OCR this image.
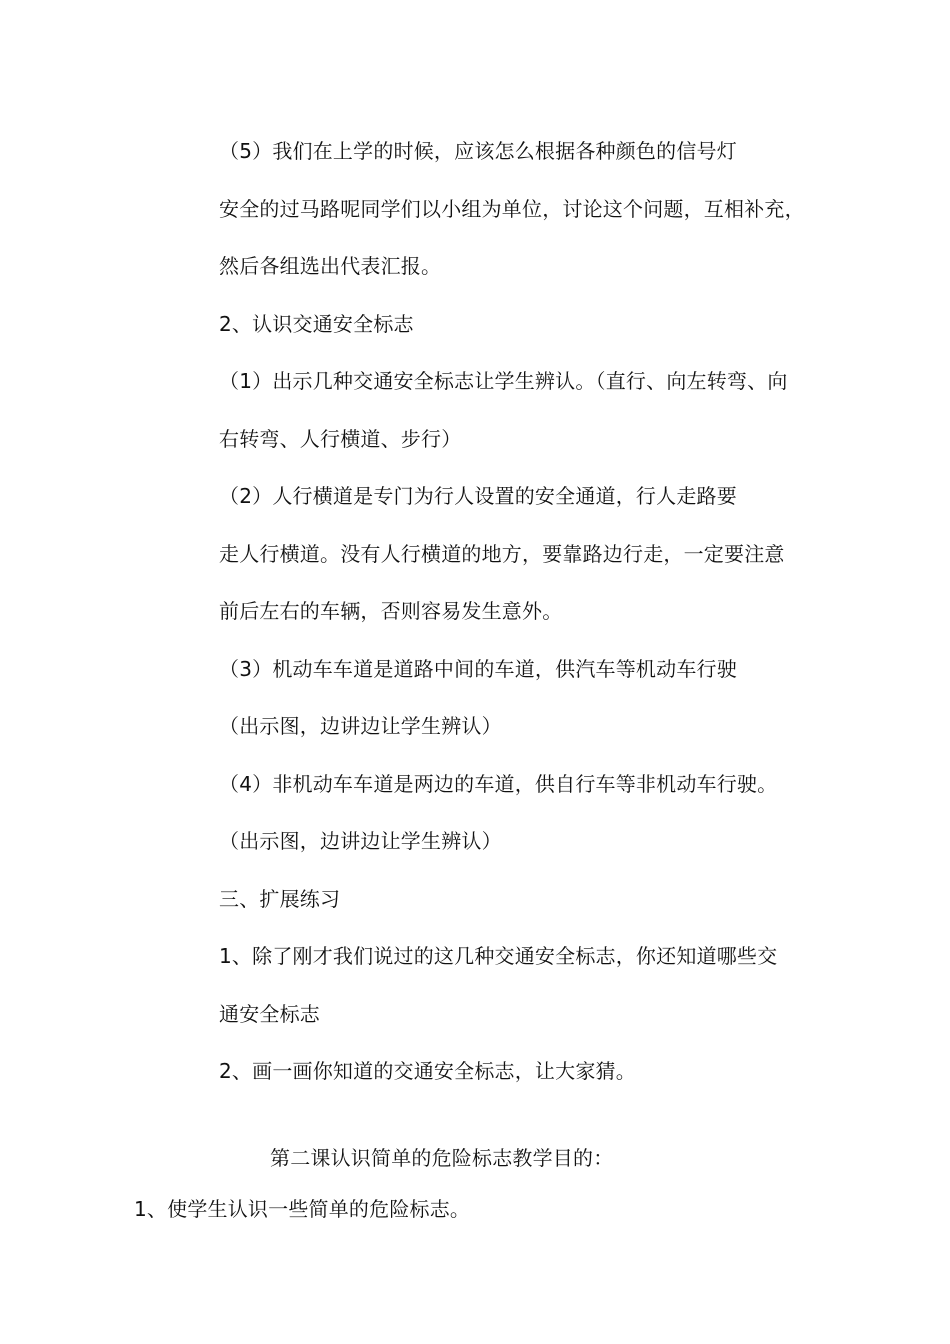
（5）我们在上学的时候，应该怎么根据各种颜色的信号灯
安全的过马路呢同学们以小组为单位，讨论这个问题，互相补充，
然后各组选出代表汇报。
2、认识交通安全标志
（1）出示几种交通安全标志让学生辨认。（直行、向左转弯、向
右转弯、人行横道、步行）
（2）人行横道是专门为行人设置的安全通道，行人走路要
走人行横道。没有人行横道的地方，要靠路边行走，一定要注意
前后左右的车辆，否则容易发生意外。
（3）机动车车道是道路中间的车道，供汽车等机动车行驶
（出示图，边讲边让学生辨认）
（4）非机动车车道是两边的车道，供自行车等非机动车行驶。
（出示图，边讲边让学生辨认）
三、扩展练习
1、除了刚才我们说过的这几种交通安全标志，你还知道哪些交
通安全标志
2、画一画你知道的交通安全标志，让大家猜。
第二课认识简单的危险标志教学目的：
1、使学生认识一些简单的危险标志。
